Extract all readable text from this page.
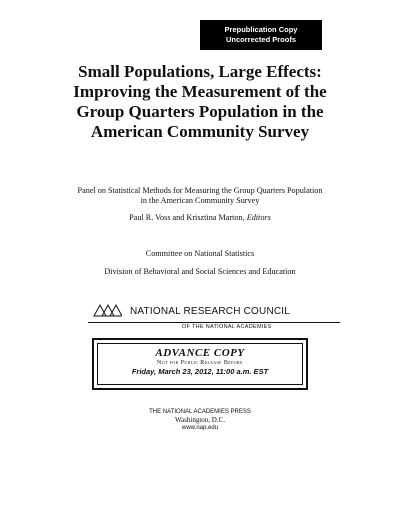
Prepublication Copy
Uncorrected Proofs
Small Populations, Large Effects:
Improving the Measurement of the
Group Quarters Population in the
American Community Survey

Panel on Statistical Methods for Measuring the Group Quarters Population
in the American Community Survey

Paul R. Voss and Krisztina Marton, Editors

Committee on National Statistics

Division of Behavioral and Social Sciences and Education

NATIONAL RESEARCH COUNCIL
OF THE NATIONAL ACADEMIES
ADVANCE COPY
Not for Public Release Before
Friday, March 23, 2012, 11:00 a.m. EST
THE NATIONAL ACADEMIES PRESS
Washington, D.C.
www.nap.edu
